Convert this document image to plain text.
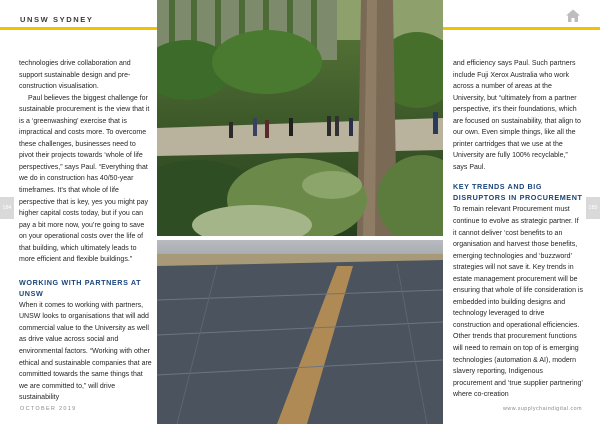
UNSW SYDNEY

technologies drive collaboration and support sustainable design and pre-construction visualisation.

Paul believes the biggest challenge for sustainable procurement is the view that it is a ‘greenwashing’ exercise that is impractical and costs more. To overcome these challenges, businesses need to pivot their projects towards ‘whole of life perspectives,” says Paul. “Everything that we do in construction has 40/50-year timeframes. It’s that whole of life perspective that is key, yes you might pay higher capital costs today, but if you can pay a bit more now, you’re going to save on your operational costs over the life of that building, which ultimately leads to more efficient and flexible buildings.”

WORKING WITH PARTNERS AT UNSW

When it comes to working with partners, UNSW looks to organisations that will add commercial value to the University as well as drive value across social and environmental factors. “Working with other ethical and sustainable companies that are committed towards the same things that we are committed to,” will drive sustainability

and efficiency says Paul. Such partners include Fuji Xerox Australia who work across a number of areas at the University, but “ultimately from a partner perspective, it’s their foundations, which are focused on sustainability, that align to our own. Even simple things, like all the printer cartridges that we use at the University are fully 100% recyclable,” says Paul.

KEY TRENDS AND BIG DISRUPTORS IN PROCUREMENT

To remain relevant Procurement must continue to evolve as strategic partner. If it cannot deliver ‘cost benefits to an organisation and harvest those benefits, emerging technologies and ‘buzzword’ strategies will not save it. Key trends in estate management procurement will be ensuring that whole of life consideration is embedded into building designs and technology leveraged to drive construction and operational efficiencies. Other trends that procurement functions will need to remain on top of is emerging technologies (automation & AI), modern slavery reporting, Indigenous procurement and ‘true supplier partnering’ where co-creation

184	185
OCTOBER 2019	www.supplychaindigital.com
